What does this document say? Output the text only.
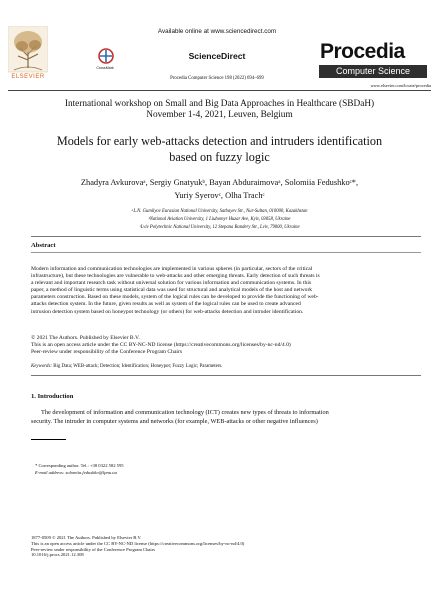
ELSEVIER
Available online at www.sciencedirect.com
CrossMark
ScienceDirect
Procedia Computer Science 198 (2022) 694–699
Procedia
Computer Science
www.elsevier.com/locate/procedia
International workshop on Small and Big Data Approaches in Healthcare (SBDaH)
November 1-4, 2021, Leuven, Belgium
Models for early web-attacks detection and intruders identification
based on fuzzy logic
Zhadyra Avkurovaᵃ, Sergiy Gnatyukᵇ, Bayan Abduraimovaᵃ, Solomiia Fedushkoᶜ*,
Yuriy Syerovᶜ, Olha Trachᶜ
ᵃL.N. Gumilyov Eurasian National University, Satbayev Str., Nur-Sultan, 010000, Kazakhstan
ᵇNational Aviation University, 1 Liubomyr Huzar Ave, Kyiv, 03058, Ukraine
ᶜLviv Polytechnic National University, 12 Stepana Bandery Str., Lviv, 79000, Ukraine
Abstract
Modern information and communication technologies are implemented in various spheres (in particular, sectors of the critical
infrastructure), but these technologies are vulnerable to web-attacks and other emerging threats. Early detection of such threats is
a relevant and important research task without universal solution for various information and communication systems. In this
paper, a method of linguistic terms using statistical data was used for structural and analytical models of the host and network
parameters construction. Based on these models, system of the logical rules can be developed to provide the functioning of web-
attacks detection system. In the future, given results as well as system of the logical rules can be used to create advanced
intrusion detection system based on honeypot technology (or others) for web-attacks detection and intruder identification.
© 2021 The Authors. Published by Elsevier B.V.
This is an open access article under the CC BY-NC-ND license (https://creativecommons.org/licenses/by-nc-nd/4.0)
Peer-review under responsibility of the Conference Program Chairs
Keywords: Big Data; WEB-attack; Detection; Identification; Honeypot; Fuzzy Logic; Parameters.
1. Introduction
The development of information and communication technology (ICT) creates new types of threats to information
security. The intruder in computer systems and networks (for example, WEB-attacks or other negative influences)
* Corresponding author. Tel.: +38 0322 582 595
E-mail address: solomiia.fedushko@lpnu.ua
1877-0509 © 2021 The Authors. Published by Elsevier B.V.
This is an open access article under the CC BY-NC-ND license (https://creativecommons.org/licenses/by-nc-nd/4.0)
Peer-review under responsibility of the Conference Program Chairs
10.1016/j.procs.2021.12.308
